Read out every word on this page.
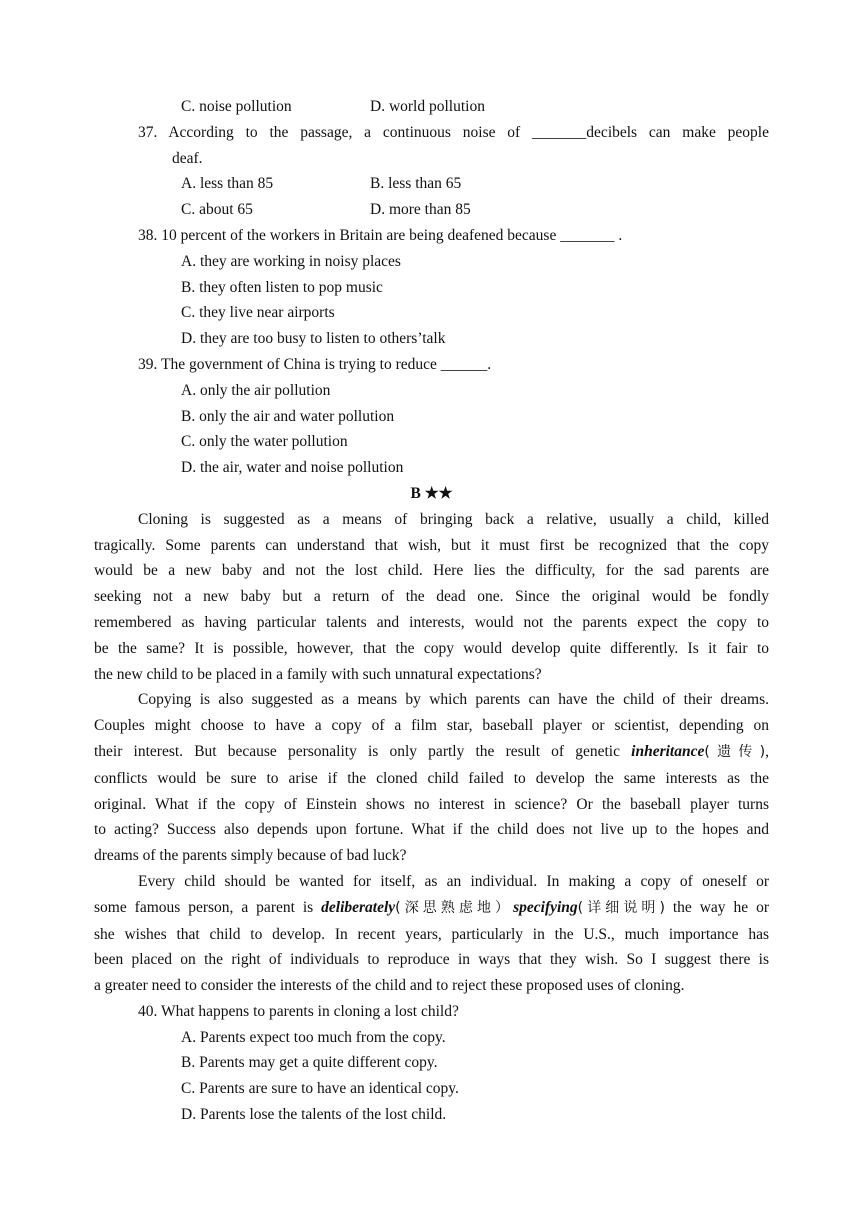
C. noise pollution	D. world pollution
37. According to the passage, a continuous noise of _______decibels can make people
deaf.
A. less than 85	B. less than 65
C. about 65	D. more than 85
38. 10 percent of the workers in Britain are being deafened because _______ .
A. they are working in noisy places
B. they often listen to pop music
C. they live near airports
D. they are too busy to listen to others’talk
39. The government of China is trying to reduce ______.
A. only the air pollution
B. only the air and water pollution
C. only the water pollution
D. the air, water and noise pollution
B ★★
Cloning is suggested as a means of bringing back a relative, usually a child, killed
tragically. Some parents can understand that wish, but it must first be recognized that the copy
would be a new baby and not the lost child. Here lies the difficulty, for the sad parents are
seeking not a new baby but a return of the dead one. Since the original would be fondly
remembered as having particular talents and interests, would not the parents expect the copy to
be the same? It is possible, however, that the copy would develop quite differently. Is it fair to
the new child to be placed in a family with such unnatural expectations?
Copying is also suggested as a means by which parents can have the child of their dreams.
Couples might choose to have a copy of a film star, baseball player or scientist, depending on
their interest. But because personality is only partly the result of genetic inheritance(遗传),
conflicts would be sure to arise if the cloned child failed to develop the same interests as the
original. What if the copy of Einstein shows no interest in science? Or the baseball player turns
to acting? Success also depends upon fortune. What if the child does not live up to the hopes and
dreams of the parents simply because of bad luck?
Every child should be wanted for itself, as an individual. In making a copy of oneself or
some famous person, a parent is deliberately(深思熟虑地）specifying(详细说明) the way he or
she wishes that child to develop. In recent years, particularly in the U.S., much importance has
been placed on the right of individuals to reproduce in ways that they wish. So I suggest there is
a greater need to consider the interests of the child and to reject these proposed uses of cloning.
40. What happens to parents in cloning a lost child?
A. Parents expect too much from the copy.
B. Parents may get a quite different copy.
C. Parents are sure to have an identical copy.
D. Parents lose the talents of the lost child.
